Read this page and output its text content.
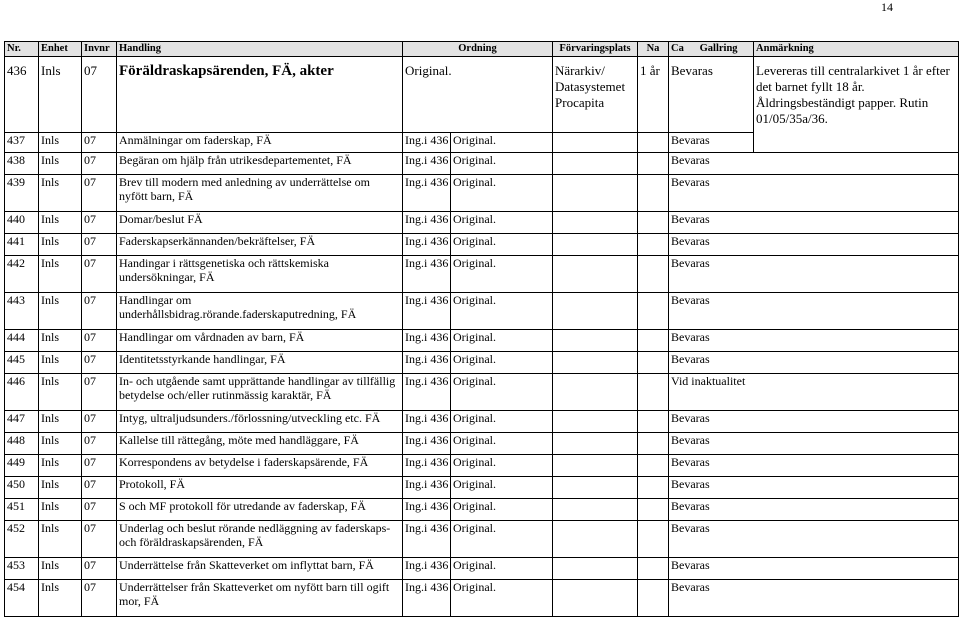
14
Nr.	Enhet	Invnr	Handling	Ordning		Förvaringsplats	Na	Ca Gallring	Anmärkning	
436	Inls	07	Föräldraskapsärenden, FÄ, akter	Original.		Närarkiv/ Datasystemet Procapita	1 år	Bevaras	Levereras till centralarkivet 1 år efter det barnet fyllt 18 år. Åldringsbeständigt papper. Rutin 01/05/35a/36.	
437	Inls	07	Anmälningar om faderskap, FÄ	Ing.i 436	Original.			Bevaras		
438	Inls	07	Begäran om hjälp från utrikesdepartementet, FÄ	Ing.i 436	Original.			Bevaras		
439	Inls	07	Brev till modern med anledning av underrättelse om nyfött barn, FÄ	Ing.i 436	Original.			Bevaras		
440	Inls	07	Domar/beslut FÄ	Ing.i 436	Original.			Bevaras		
441	Inls	07	Faderskapserkännanden/bekräftelser, FÄ	Ing.i 436	Original.			Bevaras		
442	Inls	07	Handingar i rättsgenetiska och rättskemiska undersökningar, FÄ	Ing.i 436	Original.			Bevaras		
443	Inls	07	Handlingar om underhållsbidrag.rörande.faderskaputredning, FÄ	Ing.i 436	Original.			Bevaras		
444	Inls	07	Handlingar om vårdnaden av barn, FÄ	Ing.i 436	Original.			Bevaras		
445	Inls	07	Identitetsstyrkande handlingar, FÄ	Ing.i 436	Original.			Bevaras		
446	Inls	07	In- och utgående samt upprättande handlingar av tillfällig betydelse och/eller rutinmässig karaktär, FÄ	Ing.i 436	Original.			Vid inaktualitet		
447	Inls	07	Intyg, ultraljudsunders./förlossning/utveckling etc. FÄ	Ing.i 436	Original.			Bevaras		
448	Inls	07	Kallelse till rättegång, möte med handläggare, FÄ	Ing.i 436	Original.			Bevaras		
449	Inls	07	Korrespondens av betydelse i faderskapsärende, FÄ	Ing.i 436	Original.			Bevaras		
450	Inls	07	Protokoll, FÄ	Ing.i 436	Original.			Bevaras		
451	Inls	07	S och MF protokoll för utredande av faderskap, FÄ	Ing.i 436	Original.			Bevaras		
452	Inls	07	Underlag och beslut rörande nedläggning av faderskaps- och föräldraskapsärenden, FÄ	Ing.i 436	Original.			Bevaras		
453	Inls	07	Underrättelse från Skatteverket om inflyttat barn, FÄ	Ing.i 436	Original.			Bevaras		
454	Inls	07	Underrättelser från Skatteverket om nyfött barn till ogift mor, FÄ	Ing.i 436	Original.			Bevaras		
